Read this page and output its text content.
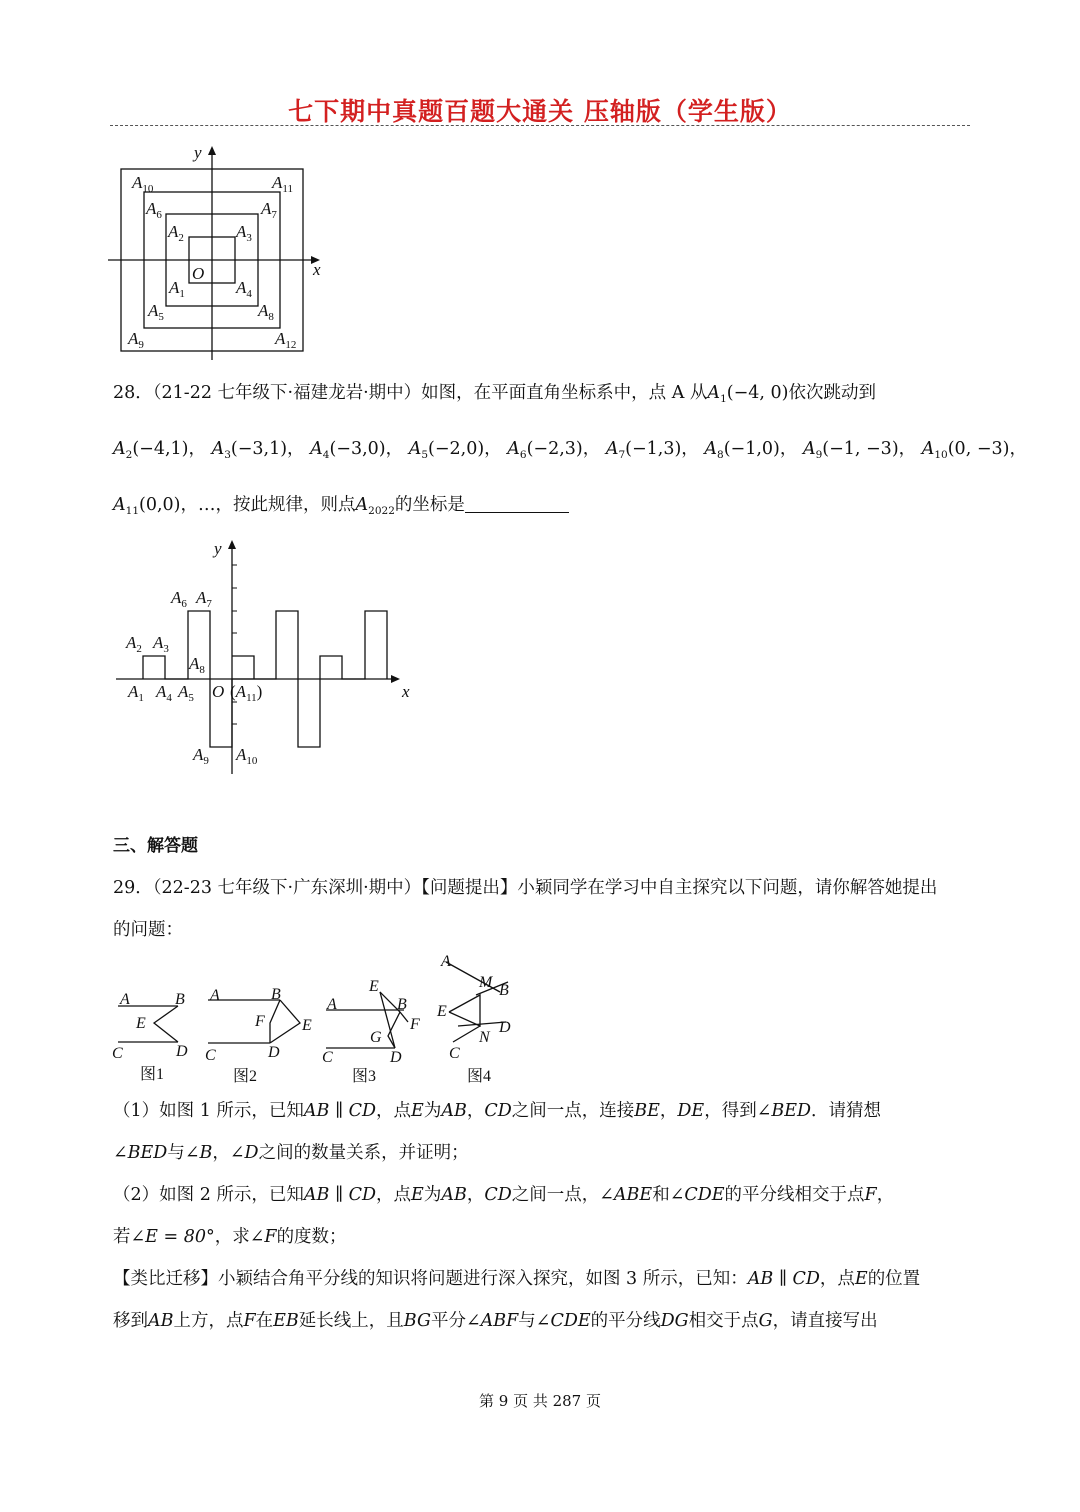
七下期中真题百题大通关 压轴版（学生版）
x
y
O
$A_{10}$	$A_{11}$
$A_6$	$A_7$
$A_2$	$A_3$
$A_1$	$A_4$
$A_5$	$A_8$
$A_9$	$A_{12}$
28．（21-22 七年级下·福建龙岩·期中）如图，在平面直角坐标系中，点 A 从$A_1(-4$, 0)依次跳动到
$A_2(-4,1)$， $A_3(-3,1)$， $A_4(-3,0)$， $A_5(-2,0)$， $A_6(-2,3)$， $A_7(-1,3)$， $A_8(-1,0)$， $A_9(-1$, −3)， $A_{10}(0$, −3)，
$A_{11}(0,0)$，…，按此规律，则点$A_{2022}$的坐标是
x
y
O
$A_2$ $A_3$
$A_6$ $A_7$
$A_8$
$A_1$ $A_4$ $A_5$ $(A_{11})$
$A_9$ $A_{10}$
三、解答题
29．（22-23 七年级下·广东深圳·期中）【问题提出】小颖同学在学习中自主探究以下问题，请你解答她提出
的问题：
A	B
E
C	D
A	B
F E
C	D
E
A	B
F
G
C	D
A
M B
E
D
N
C
图1	图2	图3	图4
（1）如图 1 所示，已知AB ∥ CD，点E为AB，CD之间一点，连接BE，DE，得到∠BED．请猜想
∠BED与∠B，∠D之间的数量关系，并证明；
（2）如图 2 所示，已知AB ∥ CD，点E为AB，CD之间一点，∠ABE和∠CDE的平分线相交于点F，
若∠E = 80°，求∠F的度数；
【类比迁移】小颖结合角平分线的知识将问题进行深入探究，如图 3 所示，已知：AB ∥ CD，点E的位置
移到AB上方，点F在EB延长线上，且BG平分∠ABF与∠CDE的平分线DG相交于点G，请直接写出
第 9 页 共 287 页
